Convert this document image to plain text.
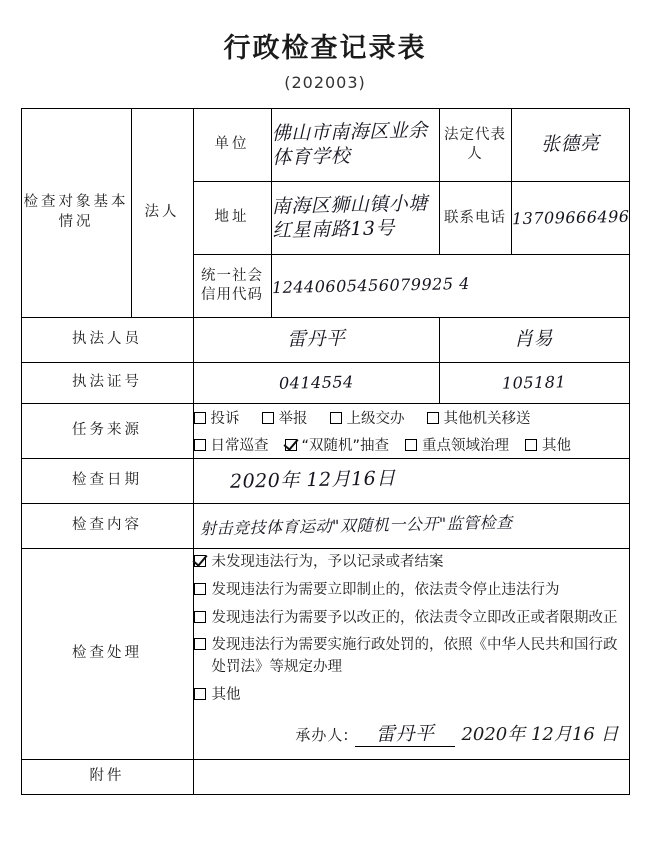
行政检查记录表
(202003)
检查对象基本情况	法人	单位	佛山市南海区业余体育学校	法定代表人	张德亮

		地址	南海区狮山镇小塘红星南路13号	联系电话	13709666496

		统一社会信用代码	12440605456079925 4		

执法人员		雷丹平		肖易	

执法证号		0414554		105181	

任务来源

投诉	举报	上级交办	其他机关移送
日常巡查 “双随机”抽查 重点领域治理 其他

检查日期		2020年 12月16日			

检查内容		射击竞技体育运动"双随机一公开"监管检查			

检查处理

未发现违法行为，予以记录或者结案
发现违法行为需要立即制止的，依法责令停止违法行为
发现违法行为需要予以改正的，依法责令立即改正或者限期改正
发现违法行为需要实施行政处罚的，依照《中华人民共和国行政处罚法》等规定办理
其他
承办人:	雷丹平	2020年 12月16 日

附件					
